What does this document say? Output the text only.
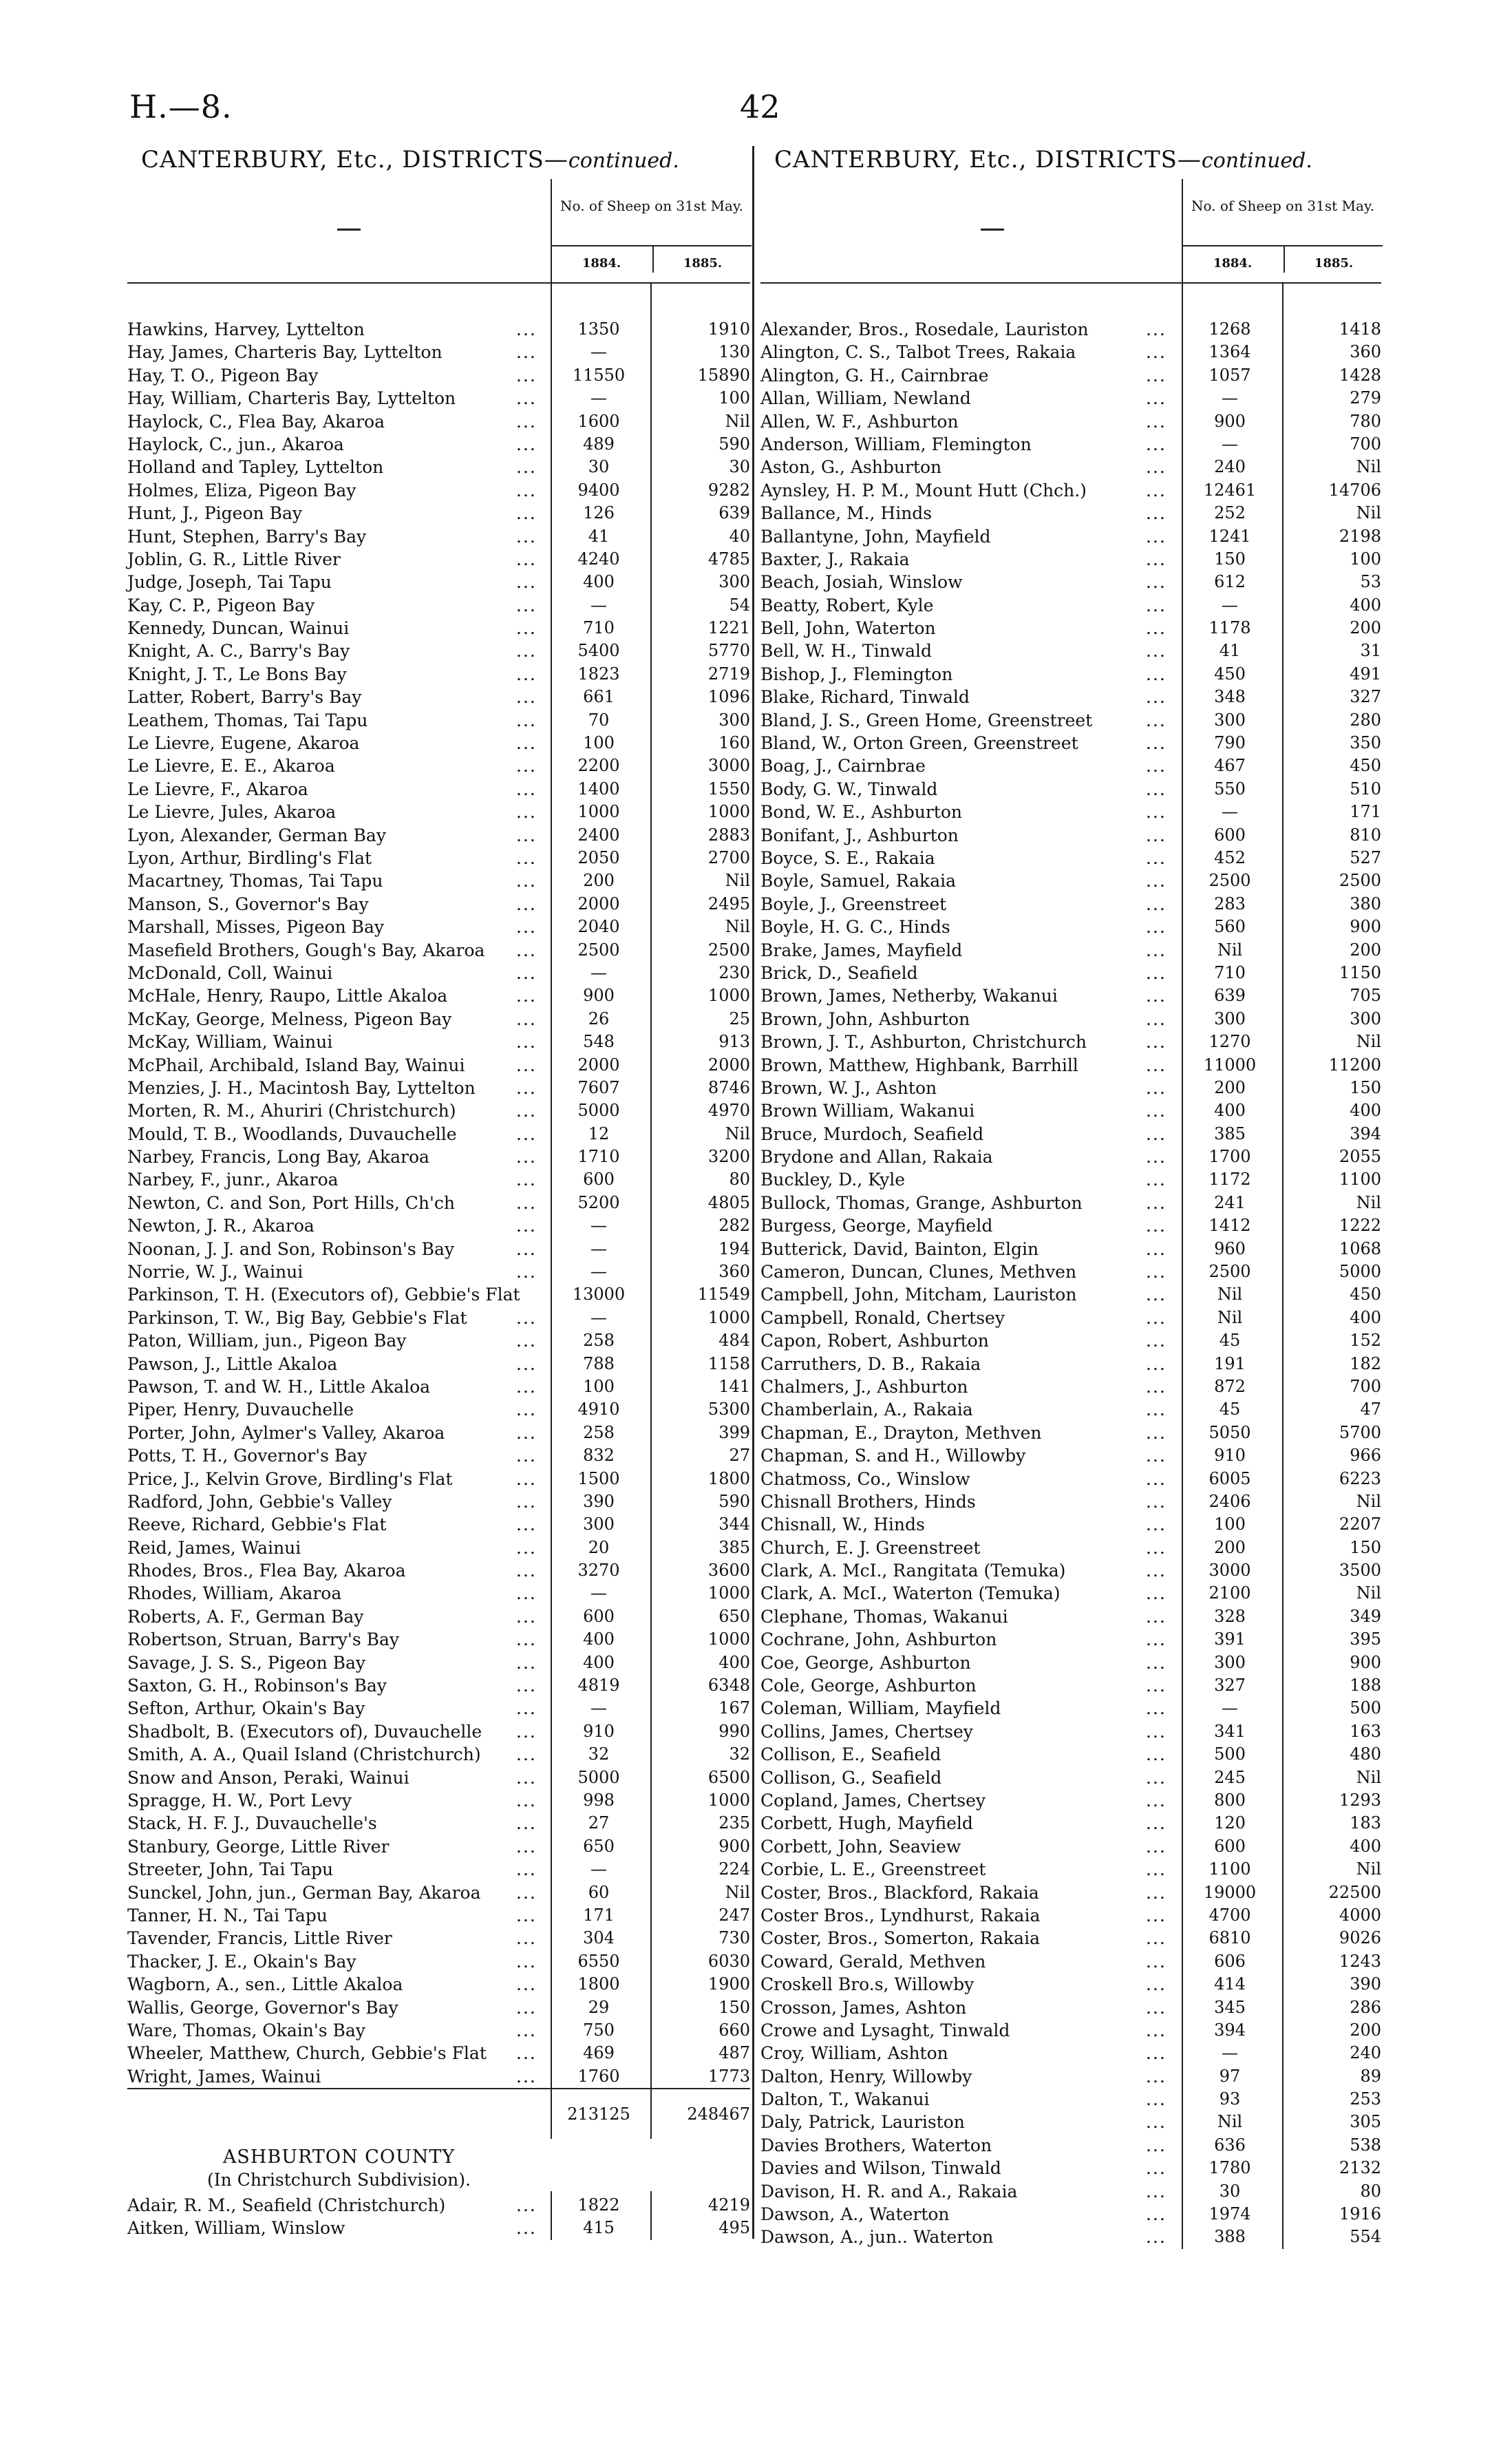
H.—8.	42
CANTERBURY, Etc., DISTRICTS—continued.	CANTERBURY, Etc., DISTRICTS—continued.
No. of Sheep on 31st May.
1884.	1885.
Hawkins, Harvey, Lyttelton	...	1350	1910
Hay, James, Charteris Bay, Lyttelton	...	—	130
Hay, T. O., Pigeon Bay	...	11550	15890
Hay, William, Charteris Bay, Lyttelton	...	—	100
Haylock, C., Flea Bay, Akaroa	...	1600	Nil
Haylock, C., jun., Akaroa	...	489	590
Holland and Tapley, Lyttelton	...	30	30
Holmes, Eliza, Pigeon Bay	...	9400	9282
Hunt, J., Pigeon Bay	...	126	639
Hunt, Stephen, Barry's Bay	...	41	40
Joblin, G. R., Little River	...	4240	4785
Judge, Joseph, Tai Tapu	...	400	300
Kay, C. P., Pigeon Bay	...	—	54
Kennedy, Duncan, Wainui	...	710	1221
Knight, A. C., Barry's Bay	...	5400	5770
Knight, J. T., Le Bons Bay	...	1823	2719
Latter, Robert, Barry's Bay	...	661	1096
Leathem, Thomas, Tai Tapu	...	70	300
Le Lievre, Eugene, Akaroa	...	100	160
Le Lievre, E. E., Akaroa	...	2200	3000
Le Lievre, F., Akaroa	...	1400	1550
Le Lievre, Jules, Akaroa	...	1000	1000
Lyon, Alexander, German Bay	...	2400	2883
Lyon, Arthur, Birdling's Flat	...	2050	2700
Macartney, Thomas, Tai Tapu	...	200	Nil
Manson, S., Governor's Bay	...	2000	2495
Marshall, Misses, Pigeon Bay	...	2040	Nil
Masefield Brothers, Gough's Bay, Akaroa ...	2500	2500
McDonald, Coll, Wainui	...	—	230
McHale, Henry, Raupo, Little Akaloa	...	900	1000
McKay, George, Melness, Pigeon Bay	...	26	25
McKay, William, Wainui	...	548	913
McPhail, Archibald, Island Bay, Wainui	...	2000	2000
Menzies, J. H., Macintosh Bay, Lyttelton ...	7607	8746
Morten, R. M., Ahuriri (Christchurch)	...	5000	4970
Mould, T. B., Woodlands, Duvauchelle	...	12	Nil
Narbey, Francis, Long Bay, Akaroa	...	1710	3200
Narbey, F., junr., Akaroa	...	600	80
Newton, C. and Son, Port Hills, Ch'ch	...	5200	4805
Newton, J. R., Akaroa	...	—	282
Noonan, J. J. and Son, Robinson's Bay	...	—	194
Norrie, W. J., Wainui	...	—	360
Parkinson, T. H. (Executors of), Gebbie's Flat	13000	11549
Parkinson, T. W., Big Bay, Gebbie's Flat	...	—	1000
Paton, William, jun., Pigeon Bay	...	258	484
Pawson, J., Little Akaloa	...	788	1158
Pawson, T. and W. H., Little Akaloa	...	100	141
Piper, Henry, Duvauchelle	...	4910	5300
Porter, John, Aylmer's Valley, Akaroa	...	258	399
Potts, T. H., Governor's Bay	...	832	27
Price, J., Kelvin Grove, Birdling's Flat	...	1500	1800
Radford, John, Gebbie's Valley	...	390	590
Reeve, Richard, Gebbie's Flat	...	300	344
Reid, James, Wainui	...	20	385
Rhodes, Bros., Flea Bay, Akaroa	...	3270	3600
Rhodes, William, Akaroa	...	—	1000
Roberts, A. F., German Bay	...	600	650
Robertson, Struan, Barry's Bay	...	400	1000
Savage, J. S. S., Pigeon Bay	...	400	400
Saxton, G. H., Robinson's Bay	...	4819	6348
Sefton, Arthur, Okain's Bay	...	—	167
Shadbolt, B. (Executors of), Duvauchelle ...	910	990
Smith, A. A., Quail Island (Christchurch) ...	32	32
Snow and Anson, Peraki, Wainui	...	5000	6500
Spragge, H. W., Port Levy	...	998	1000
Stack, H. F. J., Duvauchelle's	...	27	235
Stanbury, George, Little River	...	650	900
Streeter, John, Tai Tapu	...	—	224
Sunckel, John, jun., German Bay, Akaroa ...	60	Nil
Tanner, H. N., Tai Tapu	...	171	247
Tavender, Francis, Little River	...	304	730
Thacker, J. E., Okain's Bay	...	6550	6030
Wagborn, A., sen., Little Akaloa	...	1800	1900
Wallis, George, Governor's Bay	...	29	150
Ware, Thomas, Okain's Bay	...	750	660
Wheeler, Matthew, Church, Gebbie's Flat ...	469	487
Wright, James, Wainui	...	1760	1773
213125	248467
ASHBURTON COUNTY
(In Christchurch Subdivision).
Adair, R. M., Seafield (Christchurch)	...	1822	4219
Aitken, William, Winslow	...	415	495
No. of Sheep on 31st May.
1884.	1885.
Alexander, Bros., Rosedale, Lauriston	...	1268	1418
Alington, C. S., Talbot Trees, Rakaia	...	1364	360
Alington, G. H., Cairnbrae	...	1057	1428
Allan, William, Newland	...	—	279
Allen, W. F., Ashburton	...	900	780
Anderson, William, Flemington	...	—	700
Aston, G., Ashburton	...	240	Nil
Aynsley, H. P. M., Mount Hutt (Chch.)	...	12461	14706
Ballance, M., Hinds	...	252	Nil
Ballantyne, John, Mayfield	...	1241	2198
Baxter, J., Rakaia	...	150	100
Beach, Josiah, Winslow	...	612	53
Beatty, Robert, Kyle	...	—	400
Bell, John, Waterton	...	1178	200
Bell, W. H., Tinwald	...	41	31
Bishop, J., Flemington	...	450	491
Blake, Richard, Tinwald	...	348	327
Bland, J. S., Green Home, Greenstreet	...	300	280
Bland, W., Orton Green, Greenstreet	...	790	350
Boag, J., Cairnbrae	...	467	450
Body, G. W., Tinwald	...	550	510
Bond, W. E., Ashburton	...	—	171
Bonifant, J., Ashburton	...	600	810
Boyce, S. E., Rakaia	...	452	527
Boyle, Samuel, Rakaia	...	2500	2500
Boyle, J., Greenstreet	...	283	380
Boyle, H. G. C., Hinds	...	560	900
Brake, James, Mayfield	...	Nil	200
Brick, D., Seafield	...	710	1150
Brown, James, Netherby, Wakanui	...	639	705
Brown, John, Ashburton	...	300	300
Brown, J. T., Ashburton, Christchurch	...	1270	Nil
Brown, Matthew, Highbank, Barrhill	...	11000	11200
Brown, W. J., Ashton	...	200	150
Brown William, Wakanui	...	400	400
Bruce, Murdoch, Seafield	...	385	394
Brydone and Allan, Rakaia	...	1700	2055
Buckley, D., Kyle	...	1172	1100
Bullock, Thomas, Grange, Ashburton	...	241	Nil
Burgess, George, Mayfield	...	1412	1222
Butterick, David, Bainton, Elgin	...	960	1068
Cameron, Duncan, Clunes, Methven	...	2500	5000
Campbell, John, Mitcham, Lauriston	...	Nil	450
Campbell, Ronald, Chertsey	...	Nil	400
Capon, Robert, Ashburton	...	45	152
Carruthers, D. B., Rakaia	...	191	182
Chalmers, J., Ashburton	...	872	700
Chamberlain, A., Rakaia	...	45	47
Chapman, E., Drayton, Methven	...	5050	5700
Chapman, S. and H., Willowby	...	910	966
Chatmoss, Co., Winslow	...	6005	6223
Chisnall Brothers, Hinds	...	2406	Nil
Chisnall, W., Hinds	...	100	2207
Church, E. J. Greenstreet	...	200	150
Clark, A. McI., Rangitata (Temuka)	...	3000	3500
Clark, A. McI., Waterton (Temuka)	...	2100	Nil
Clephane, Thomas, Wakanui	...	328	349
Cochrane, John, Ashburton	...	391	395
Coe, George, Ashburton	...	300	900
Cole, George, Ashburton	...	327	188
Coleman, William, Mayfield	...	—	500
Collins, James, Chertsey	...	341	163
Collison, E., Seafield	...	500	480
Collison, G., Seafield	...	245	Nil
Copland, James, Chertsey	...	800	1293
Corbett, Hugh, Mayfield	...	120	183
Corbett, John, Seaview	...	600	400
Corbie, L. E., Greenstreet	...	1100	Nil
Coster, Bros., Blackford, Rakaia	...	19000	22500
Coster Bros., Lyndhurst, Rakaia	...	4700	4000
Coster, Bros., Somerton, Rakaia	...	6810	9026
Coward, Gerald, Methven	...	606	1243
Croskell Bro.s, Willowby	...	414	390
Crosson, James, Ashton	...	345	286
Crowe and Lysaght, Tinwald	...	394	200
Croy, William, Ashton	...	—	240
Dalton, Henry, Willowby	...	97	89
Dalton, T., Wakanui	...	93	253
Daly, Patrick, Lauriston	...	Nil	305
Davies Brothers, Waterton	...	636	538
Davies and Wilson, Tinwald	...	1780	2132
Davison, H. R. and A., Rakaia	...	30	80
Dawson, A., Waterton	...	1974	1916
Dawson, A., jun.. Waterton	...	388	554
